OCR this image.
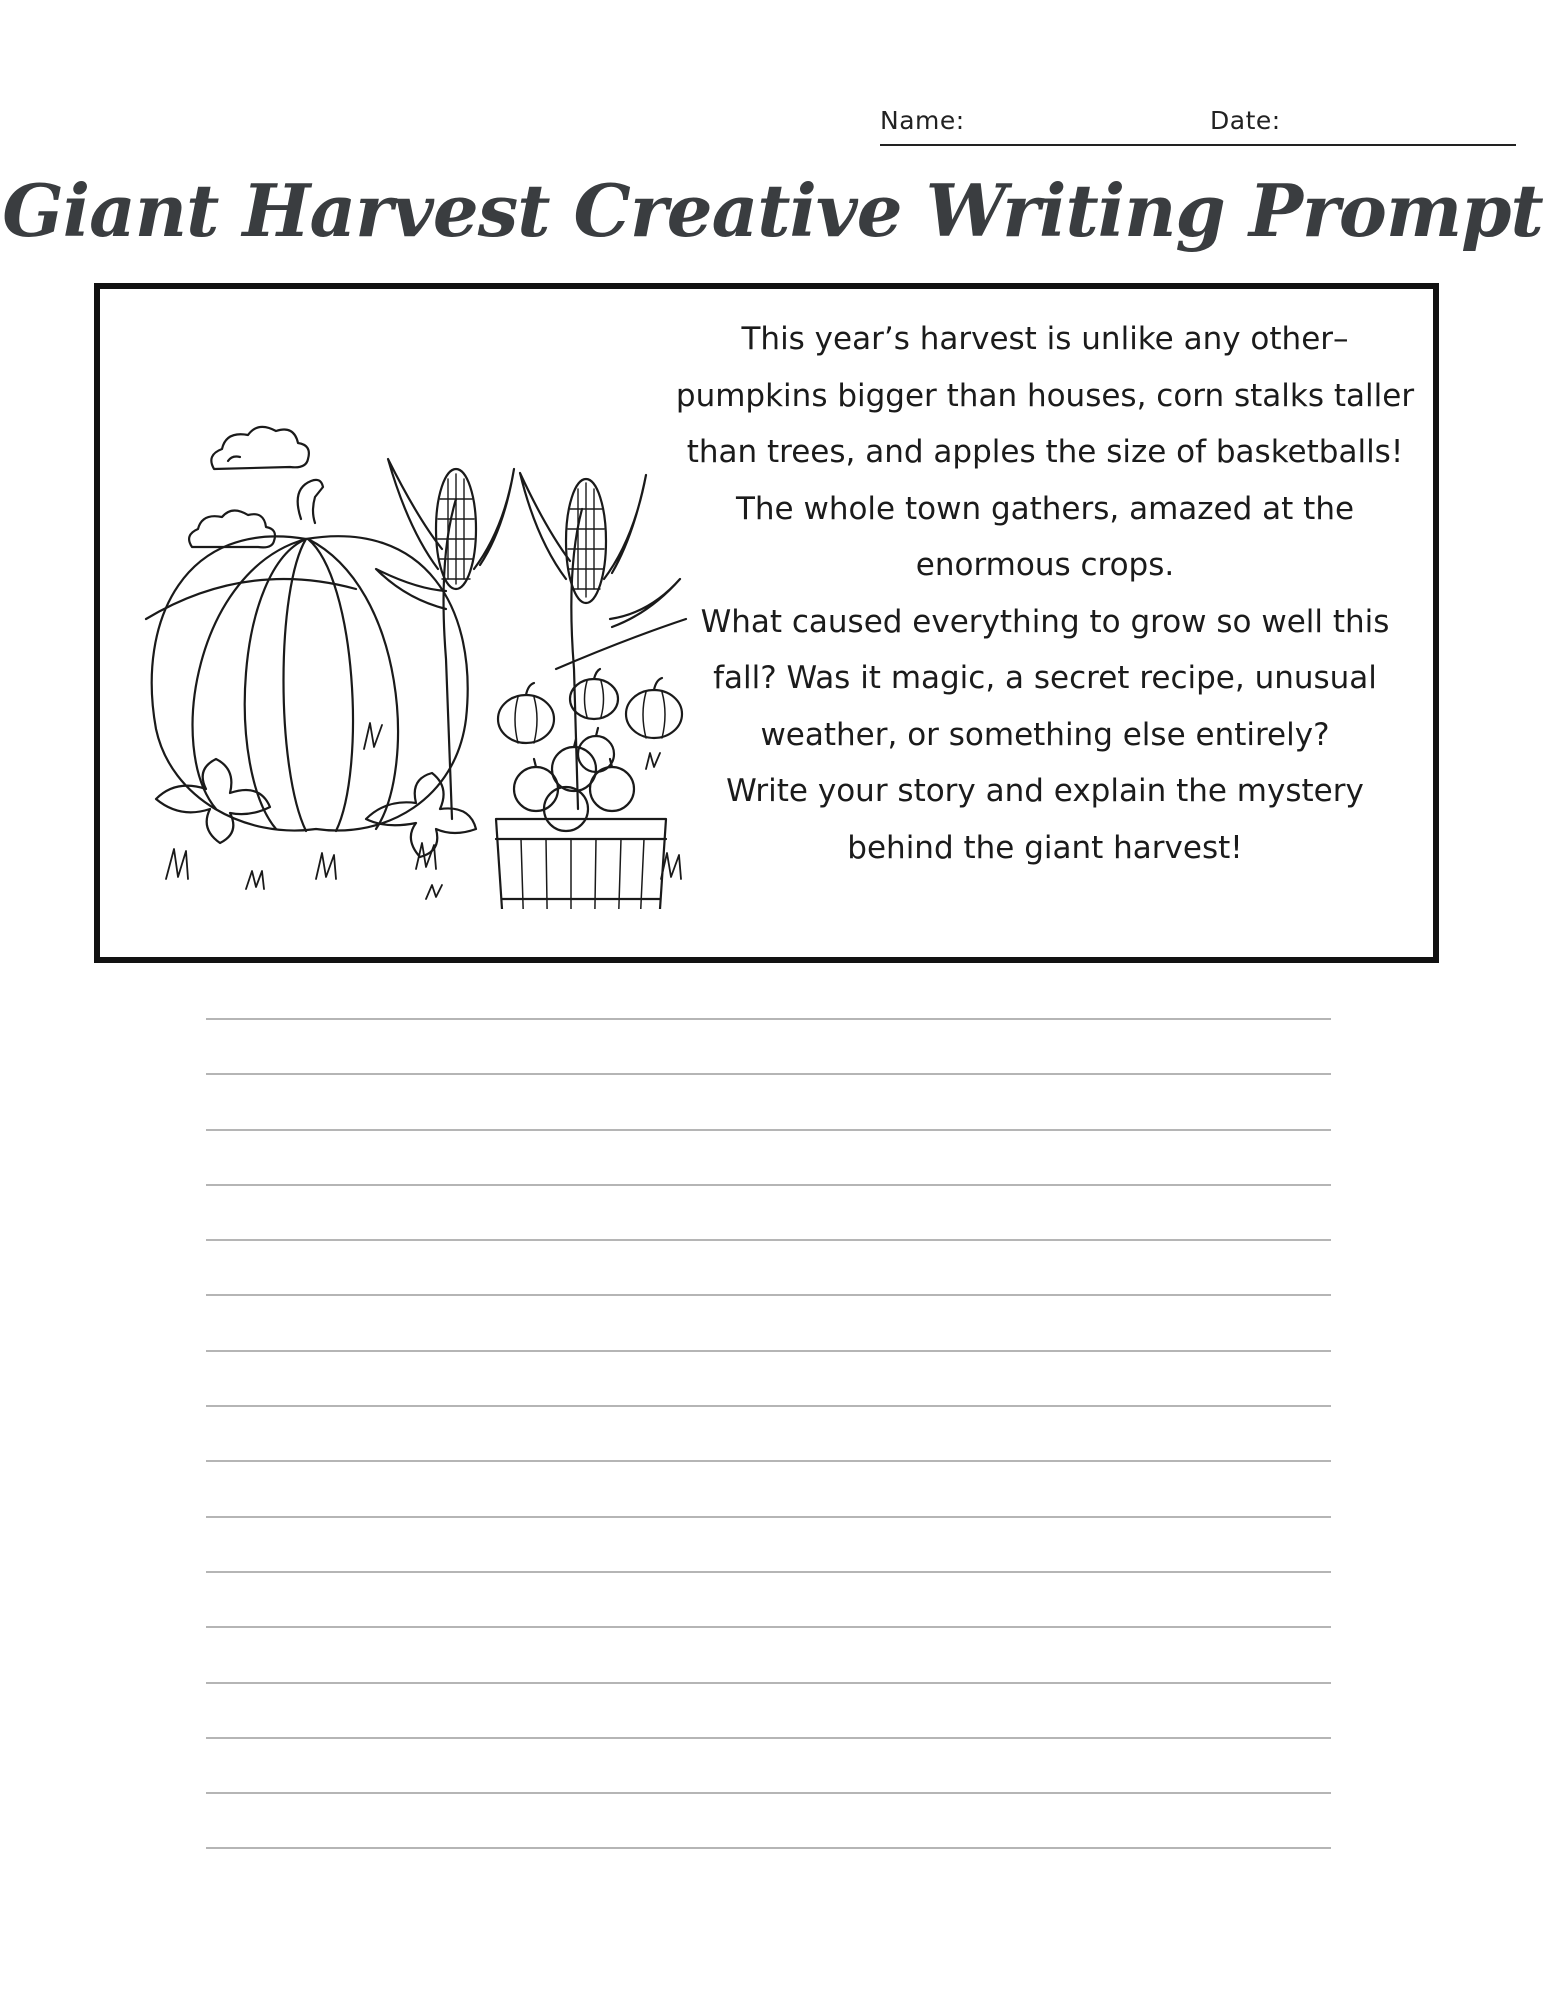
Name:	Date:
Giant Harvest Creative Writing Prompt

This year’s harvest is unlike any other–pumpkins bigger than houses, corn stalks taller than trees, and apples the size of basketballs! The whole town gathers, amazed at the enormous crops.

What caused everything to grow so well this fall? Was it magic, a secret recipe, unusual weather, or something else entirely?

Write your story and explain the mystery behind the giant harvest!
